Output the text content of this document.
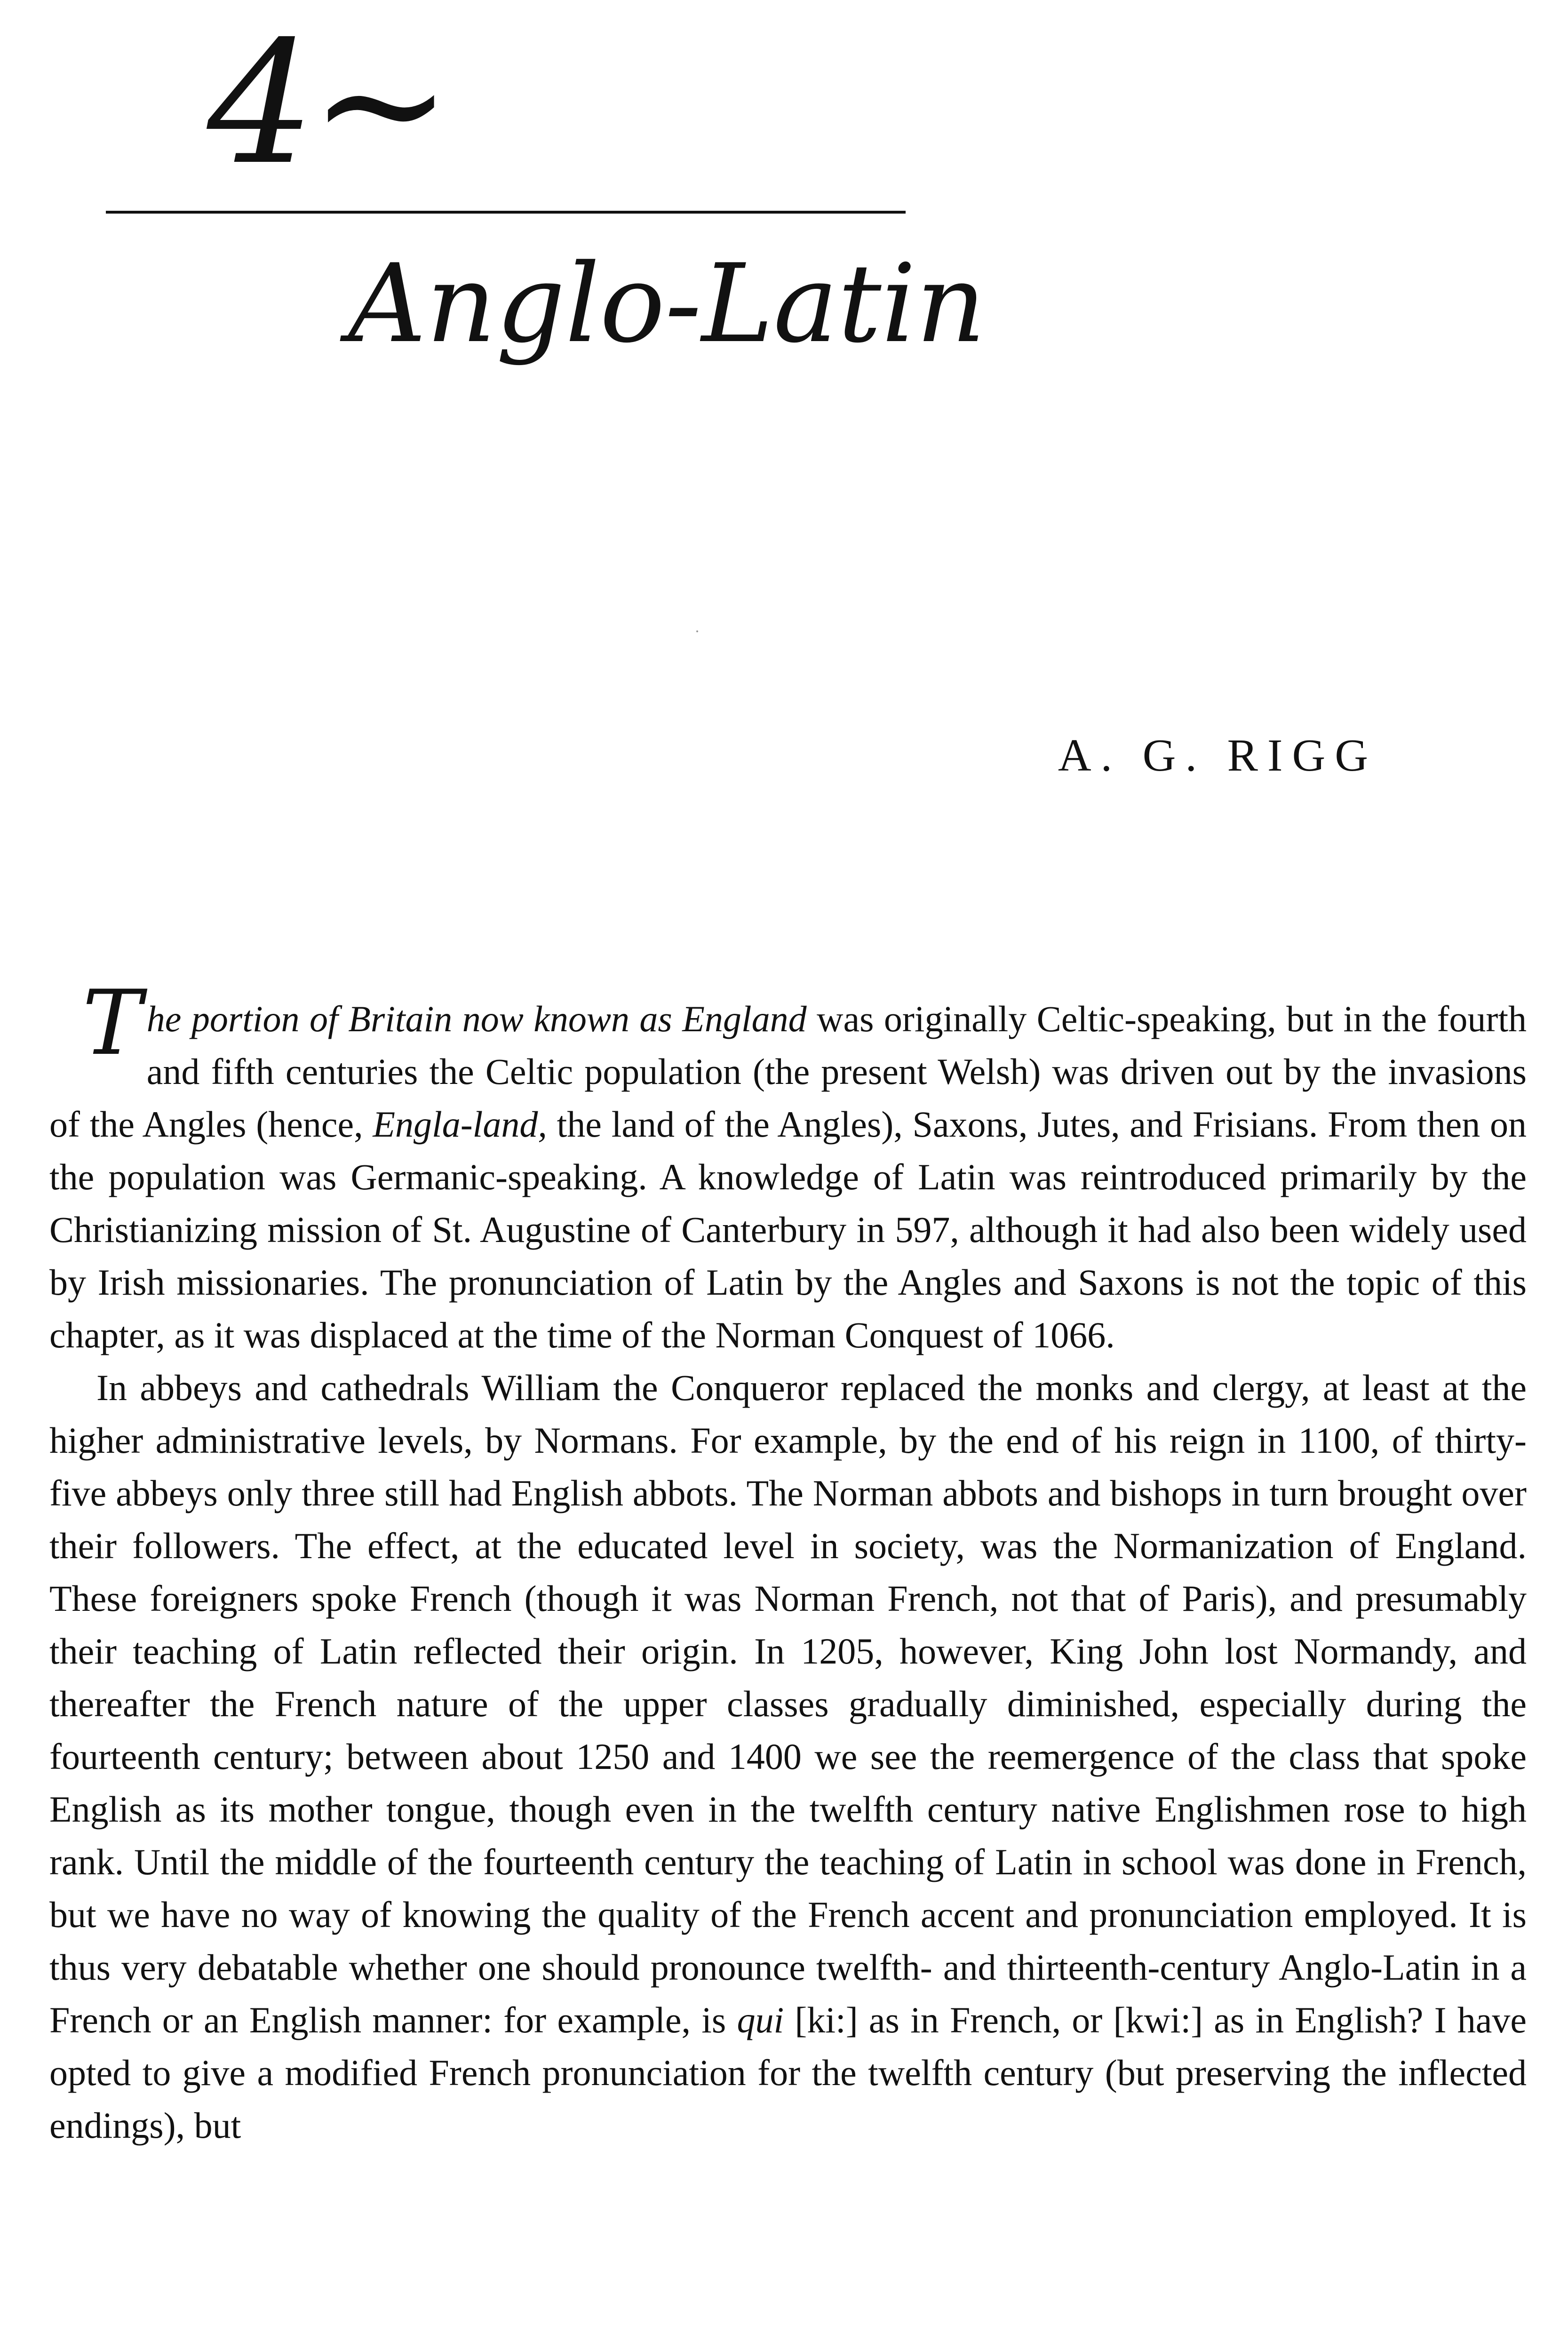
4~
Anglo-Latin
A. G. RIGG

The portion of Britain now known as England was originally Celtic-speaking, but in the fourth and fifth centuries the Celtic population (the present Welsh) was driven out by the invasions of the Angles (hence, Engla-land, the land of the Angles), Saxons, Jutes, and Frisians. From then on the population was Germanic-speaking. A knowledge of Latin was reintroduced primarily by the Christianizing mission of St. Augustine of Canterbury in 597, although it had also been widely used by Irish missionaries. The pronunciation of Latin by the Angles and Saxons is not the topic of this chapter, as it was displaced at the time of the Norman Conquest of 1066.

In abbeys and cathedrals William the Conqueror replaced the monks and clergy, at least at the higher administrative levels, by Normans. For example, by the end of his reign in 1100, of thirty-five abbeys only three still had English abbots. The Norman abbots and bishops in turn brought over their followers. The effect, at the educated level in society, was the Normanization of England. These foreigners spoke French (though it was Norman French, not that of Paris), and presumably their teaching of Latin reflected their origin. In 1205, however, King John lost Normandy, and thereafter the French nature of the upper classes gradually diminished, especially during the fourteenth century; between about 1250 and 1400 we see the reemergence of the class that spoke English as its mother tongue, though even in the twelfth century native Englishmen rose to high rank. Until the middle of the fourteenth century the teaching of Latin in school was done in French, but we have no way of knowing the quality of the French accent and pronunciation employed. It is thus very debatable whether one should pronounce twelfth- and thirteenth-century Anglo-Latin in a French or an English manner: for example, is qui [ki:] as in French, or [kwi:] as in English? I have opted to give a modified French pronunciation for the twelfth century (but preserving the inflected endings), but
